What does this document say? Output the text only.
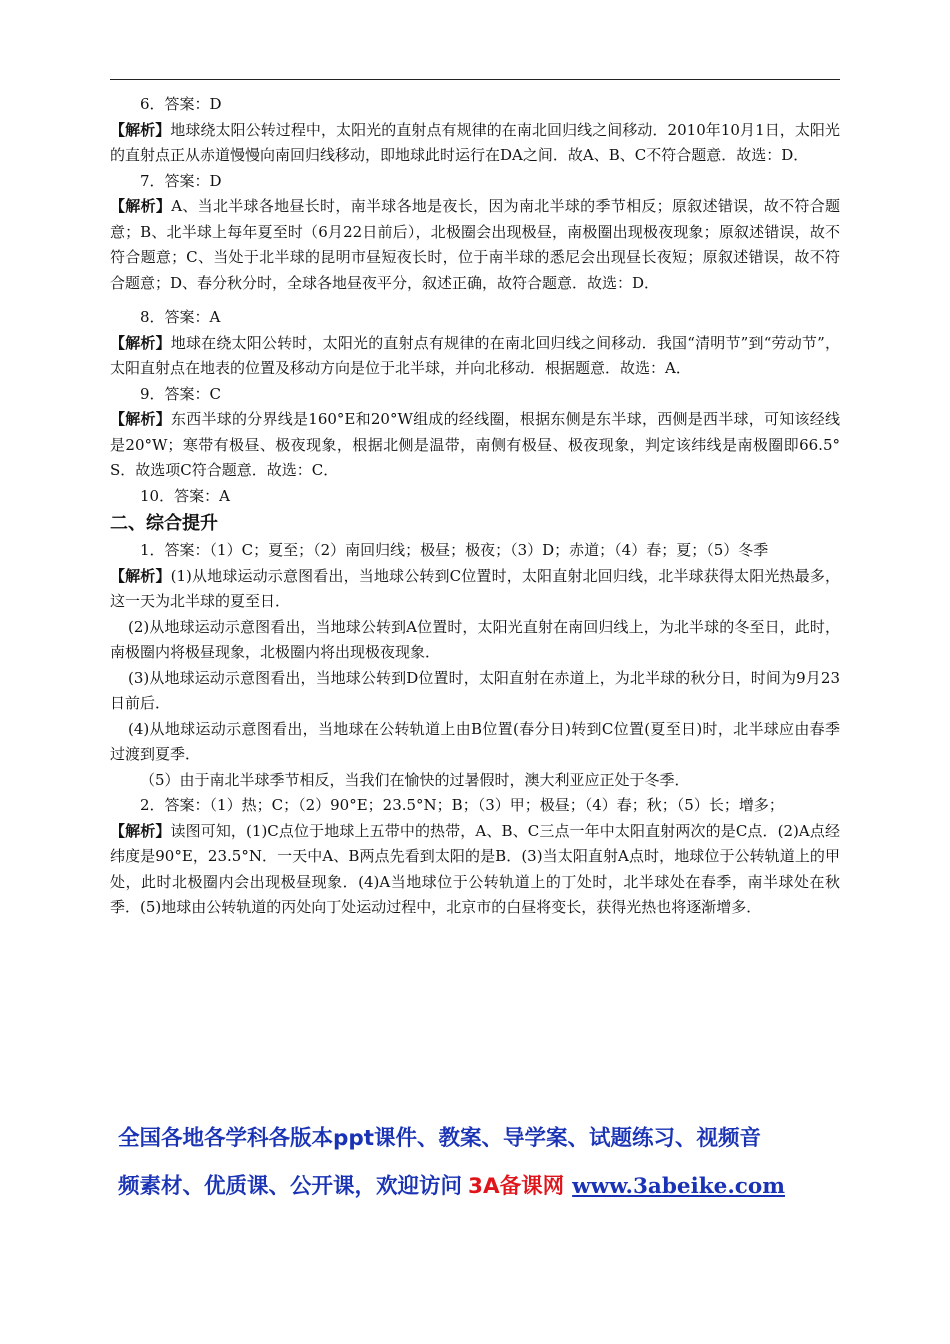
6．答案：D

【解析】地球绕太阳公转过程中，太阳光的直射点有规律的在南北回归线之间移动．2010年10月1日，太阳光的直射点正从赤道慢慢向南回归线移动，即地球此时运行在DA之间．故A、B、C不符合题意．故选：D．

7．答案：D

【解析】A、当北半球各地昼长时，南半球各地是夜长，因为南北半球的季节相反；原叙述错误，故不符合题意；B、北半球上每年夏至时（6月22日前后），北极圈会出现极昼，南极圈出现极夜现象；原叙述错误，故不符合题意；C、当处于北半球的昆明市昼短夜长时，位于南半球的悉尼会出现昼长夜短；原叙述错误，故不符合题意；D、春分秋分时，全球各地昼夜平分，叙述正确，故符合题意．故选：D．

8．答案：A

【解析】地球在绕太阳公转时，太阳光的直射点有规律的在南北回归线之间移动．我国“清明节”到“劳动节”，太阳直射点在地表的位置及移动方向是位于北半球，并向北移动．根据题意．故选：A．

9．答案：C

【解析】东西半球的分界线是160°E和20°W组成的经线圈，根据东侧是东半球，西侧是西半球，可知该经线是20°W；寒带有极昼、极夜现象，根据北侧是温带，南侧有极昼、极夜现象，判定该纬线是南极圈即66.5°S．故选项C符合题意．故选：C．

10．答案：A

二、综合提升

1．答案：（1）C；夏至；（2）南回归线；极昼；极夜；（3）D；赤道；（4）春；夏；（5）冬季

【解析】(1)从地球运动示意图看出，当地球公转到C位置时，太阳直射北回归线，北半球获得太阳光热最多，这一天为北半球的夏至日．

(2)从地球运动示意图看出，当地球公转到A位置时，太阳光直射在南回归线上，为北半球的冬至日，此时，南极圈内将极昼现象，北极圈内将出现极夜现象．

(3)从地球运动示意图看出，当地球公转到D位置时，太阳直射在赤道上，为北半球的秋分日，时间为9月23日前后．

(4)从地球运动示意图看出，当地球在公转轨道上由B位置(春分日)转到C位置(夏至日)时，北半球应由春季过渡到夏季．

（5）由于南北半球季节相反，当我们在愉快的过暑假时，澳大利亚应正处于冬季．

2．答案：（1）热；C；（2）90°E；23.5°N；B；（3）甲；极昼；（4）春；秋；（5）长；增多；

【解析】读图可知，(1)C点位于地球上五带中的热带，A、B、C三点一年中太阳直射两次的是C点．(2)A点经纬度是90°E，23.5°N．一天中A、B两点先看到太阳的是B．(3)当太阳直射A点时，地球位于公转轨道上的甲处，此时北极圈内会出现极昼现象．(4)A当地球位于公转轨道上的丁处时，北半球处在春季，南半球处在秋季．(5)地球由公转轨道的丙处向丁处运动过程中，北京市的白昼将变长，获得光热也将逐渐增多．

全国各地各学科各版本ppt课件、教案、导学案、试题练习、视频音

频素材、优质课、公开课，欢迎访问 3A备课网 www.3abeike.com
